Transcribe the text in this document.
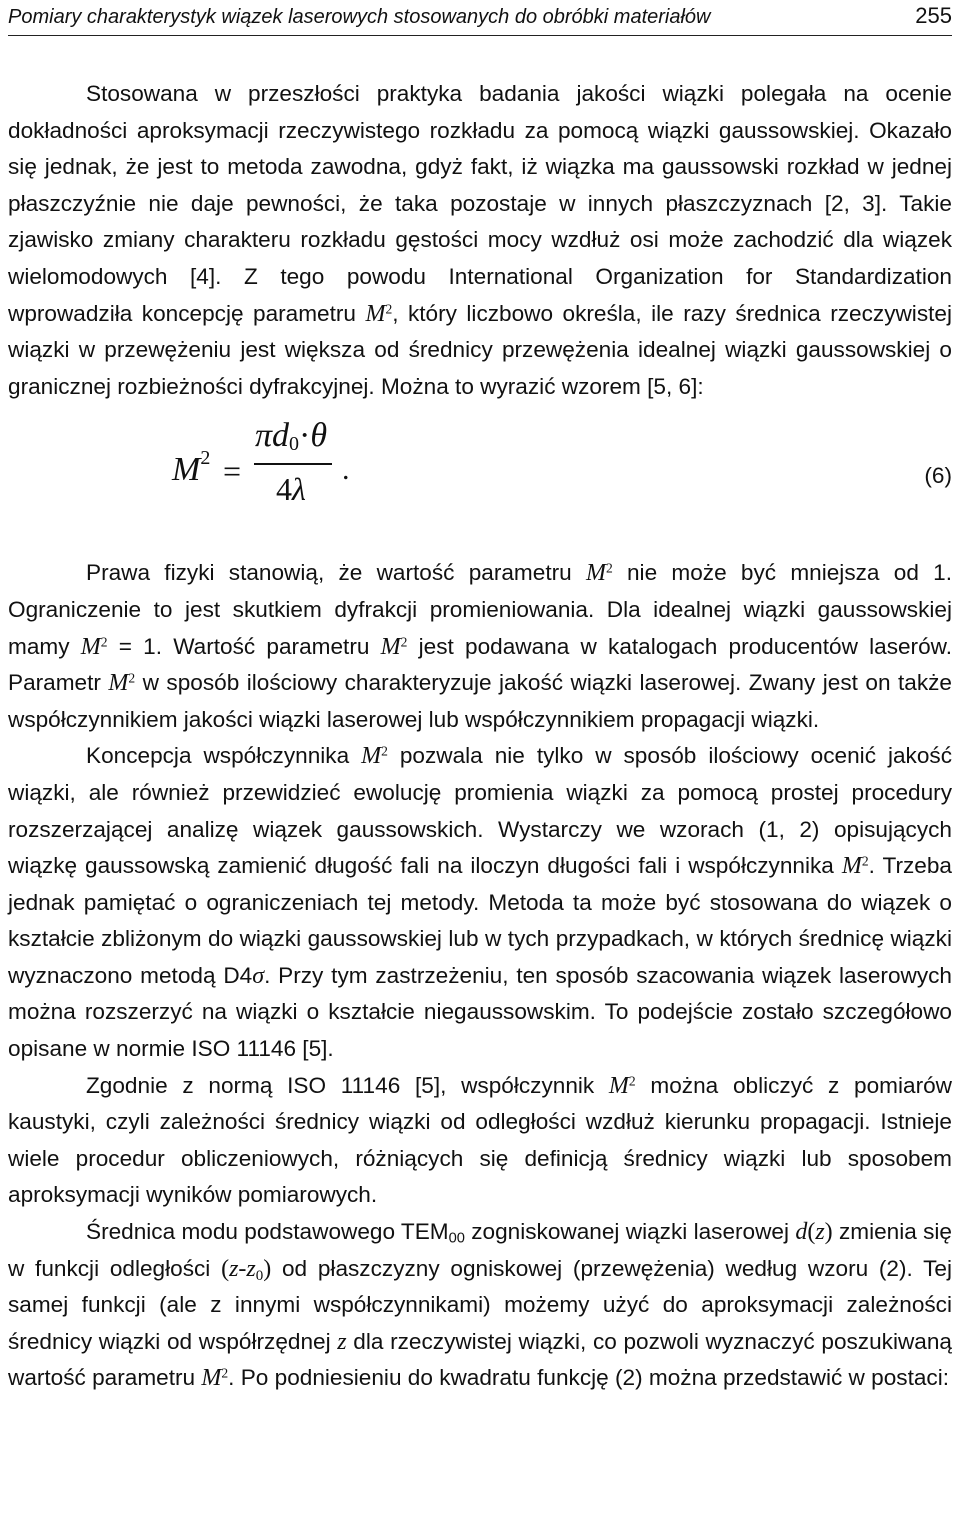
Pomiary charakterystyk wiązek laserowych stosowanych do obróbki materiałów	255

Stosowana w przeszłości praktyka badania jakości wiązki polegała na ocenie dokładności aproksymacji rzeczywistego rozkładu za pomocą wiązki gaussowskiej. Okazało się jednak, że jest to metoda zawodna, gdyż fakt, iż wiązka ma gaussowski rozkład w jednej płaszczyźnie nie daje pewności, że taka pozostaje w innych płaszczyznach [2, 3]. Takie zjawisko zmiany charakteru rozkładu gęstości mocy wzdłuż osi może zachodzić dla wiązek wielomodowych [4]. Z tego powodu International Organization for Standardization wprowadziła koncepcję parametru $M^2$, który liczbowo określa, ile razy średnica rzeczywistej wiązki w przewężeniu jest większa od średnicy przewężenia idealnej wiązki gaussowskiej o granicznej rozbieżności dyfrakcyjnej. Można to wyrazić wzorem [5, 6]:

$M^2$ =
$\pi d_0\cdot\theta$
4λ
.	(6)

Prawa fizyki stanowią, że wartość parametru $M^2$ nie może być mniejsza od 1. Ograniczenie to jest skutkiem dyfrakcji promieniowania. Dla idealnej wiązki gaussowskiej mamy $M^2 = 1$. Wartość parametru $M^2$ jest podawana w katalogach producentów laserów. Parametr $M^2$ w sposób ilościowy charakteryzuje jakość wiązki laserowej. Zwany jest on także współczynnikiem jakości wiązki laserowej lub współczynnikiem propagacji wiązki.

Koncepcja współczynnika $M^2$ pozwala nie tylko w sposób ilościowy ocenić jakość wiązki, ale również przewidzieć ewolucję promienia wiązki za pomocą prostej procedury rozszerzającej analizę wiązek gaussowskich. Wystarczy we wzorach (1, 2) opisujących wiązkę gaussowską zamienić długość fali na iloczyn długości fali i współczynnika $M^2$. Trzeba jednak pamiętać o ograniczeniach tej metody. Metoda ta może być stosowana do wiązek o kształcie zbliżonym do wiązki gaussowskiej lub w tych przypadkach, w których średnicę wiązki wyznaczono metodą D4σ. Przy tym zastrzeżeniu, ten sposób szacowania wiązek laserowych można rozszerzyć na wiązki o kształcie niegaussowskim. To podejście zostało szczegółowo opisane w normie ISO 11146 [5].

Zgodnie z normą ISO 11146 [5], współczynnik $M^2$ można obliczyć z pomiarów kaustyki, czyli zależności średnicy wiązki od odległości wzdłuż kierunku propagacji. Istnieje wiele procedur obliczeniowych, różniących się definicją średnicy wiązki lub sposobem aproksymacji wyników pomiarowych.

Średnica modu podstawowego $TEM_{00}$ zogniskowanej wiązki laserowej d(z) zmienia się w funkcji odległości $(z-z_0)$ od płaszczyzny ogniskowej (przewężenia) według wzoru (2). Tej samej funkcji (ale z innymi współczynnikami) możemy użyć do aproksymacji zależności średnicy wiązki od współrzędnej z dla rzeczywistej wiązki, co pozwoli wyznaczyć poszukiwaną wartość parametru $M^2$. Po podniesieniu do kwadratu funkcję (2) można przedstawić w postaci:
